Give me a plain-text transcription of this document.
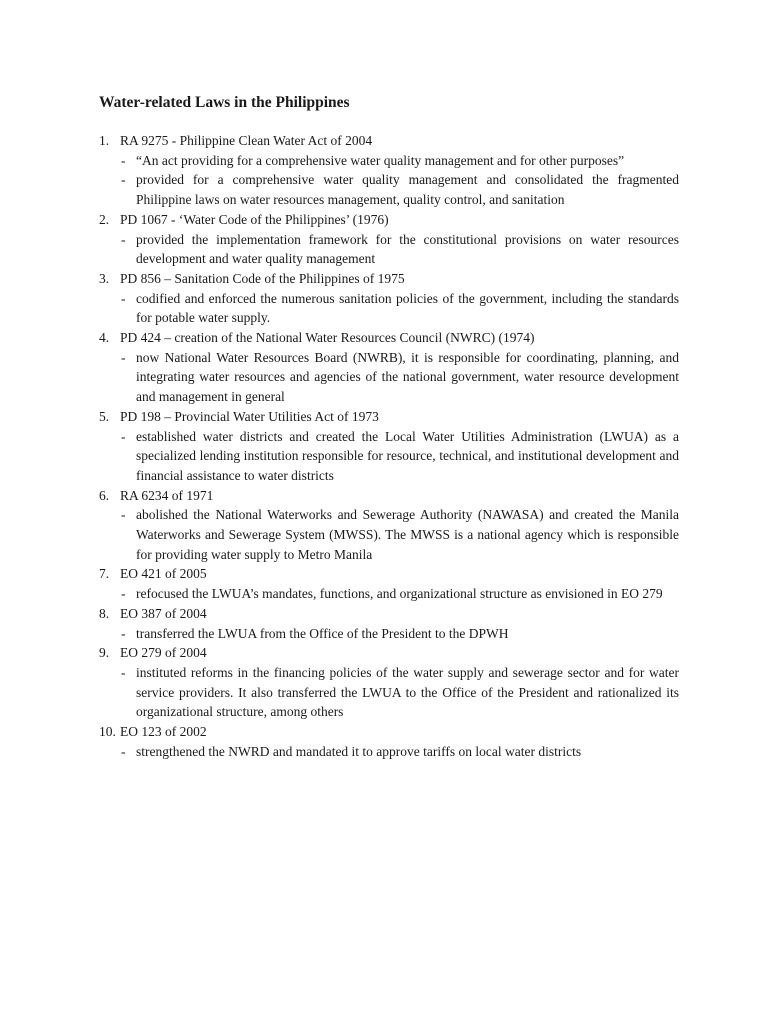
Water-related Laws in the Philippines
1. RA 9275 - Philippine Clean Water Act of 2004
- “An act providing for a comprehensive water quality management and for other purposes”
- provided for a comprehensive water quality management and consolidated the fragmented Philippine laws on water resources management, quality control, and sanitation
2. PD 1067 - ‘Water Code of the Philippines’ (1976)
- provided the implementation framework for the constitutional provisions on water resources development and water quality management
3. PD 856 – Sanitation Code of the Philippines of 1975
- codified and enforced the numerous sanitation policies of the government, including the standards for potable water supply.
4. PD 424 – creation of the National Water Resources Council (NWRC) (1974)
- now National Water Resources Board (NWRB), it is responsible for coordinating, planning, and integrating water resources and agencies of the national government, water resource development and management in general
5. PD 198 – Provincial Water Utilities Act of 1973
- established water districts and created the Local Water Utilities Administration (LWUA) as a specialized lending institution responsible for resource, technical, and institutional development and financial assistance to water districts
6. RA 6234 of 1971
- abolished the National Waterworks and Sewerage Authority (NAWASA) and created the Manila Waterworks and Sewerage System (MWSS). The MWSS is a national agency which is responsible for providing water supply to Metro Manila
7. EO 421 of 2005
- refocused the LWUA’s mandates, functions, and organizational structure as envisioned in EO 279
8. EO 387 of 2004
- transferred the LWUA from the Office of the President to the DPWH
9. EO 279 of 2004
- instituted reforms in the financing policies of the water supply and sewerage sector and for water service providers. It also transferred the LWUA to the Office of the President and rationalized its organizational structure, among others
10. EO 123 of 2002
- strengthened the NWRD and mandated it to approve tariffs on local water districts
